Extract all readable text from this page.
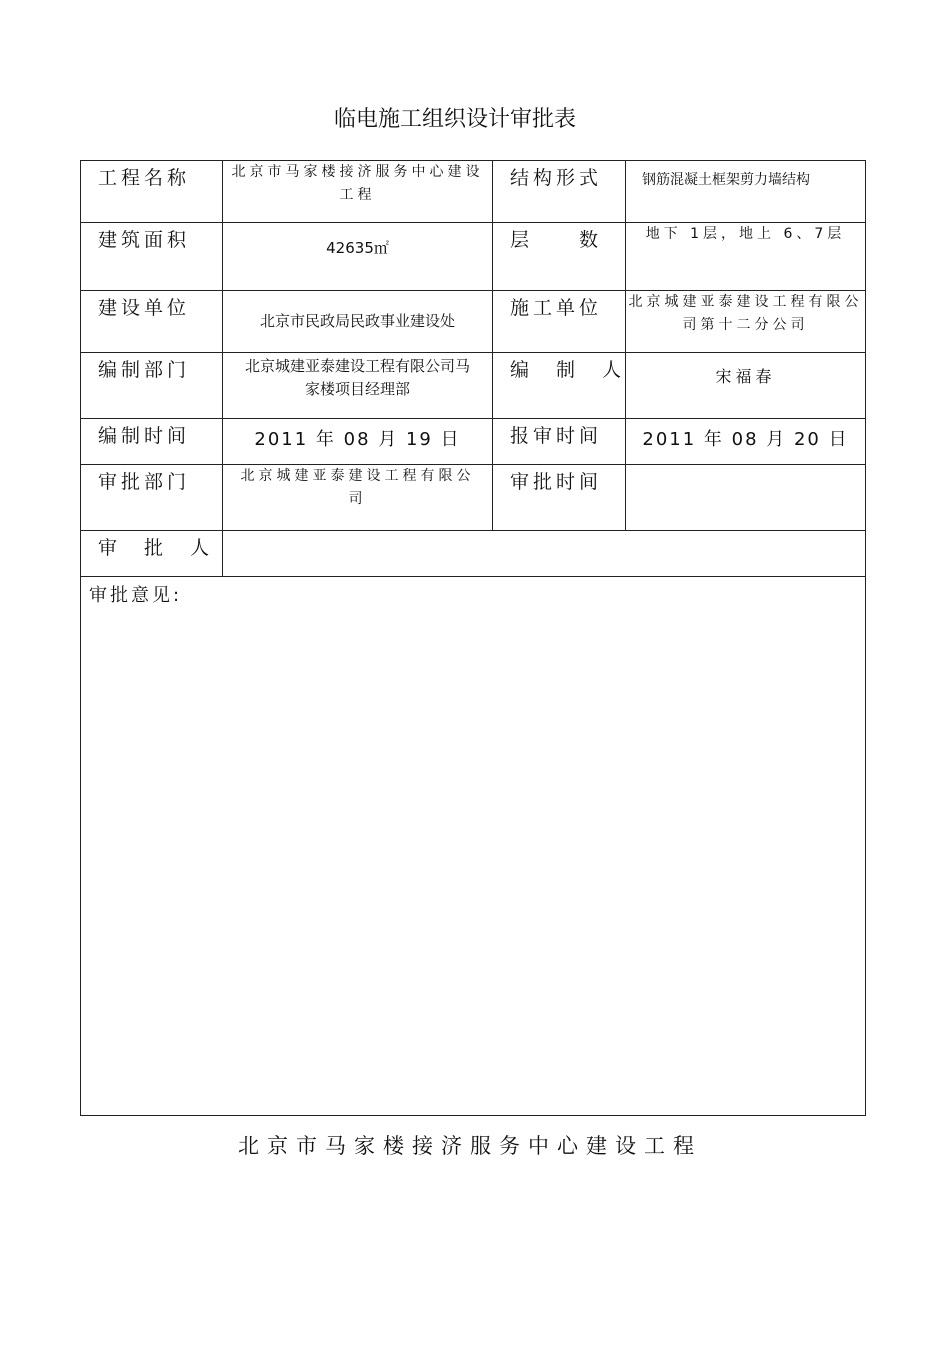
临电施工组织设计审批表
工程名称	北京市马家楼接济服务中心建设工程	结构形式	钢筋混凝土框架剪力墙结构
建筑面积	42635㎡	层　　数	地下 1层，地上 6、7层
建设单位	北京市民政局民政事业建设处	施工单位	北京城建亚泰建设工程有限公司第十二分公司
编制部门	北京城建亚泰建设工程有限公司马家楼项目经理部	编　制　人	宋福春
编制时间	2011 年 08 月 19 日	报审时间	2011 年 08 月 20 日
审批部门	北京城建亚泰建设工程有限公司	审批时间	
审　批　人			

审批意见:			
北京市马家楼接济服务中心建设工程
